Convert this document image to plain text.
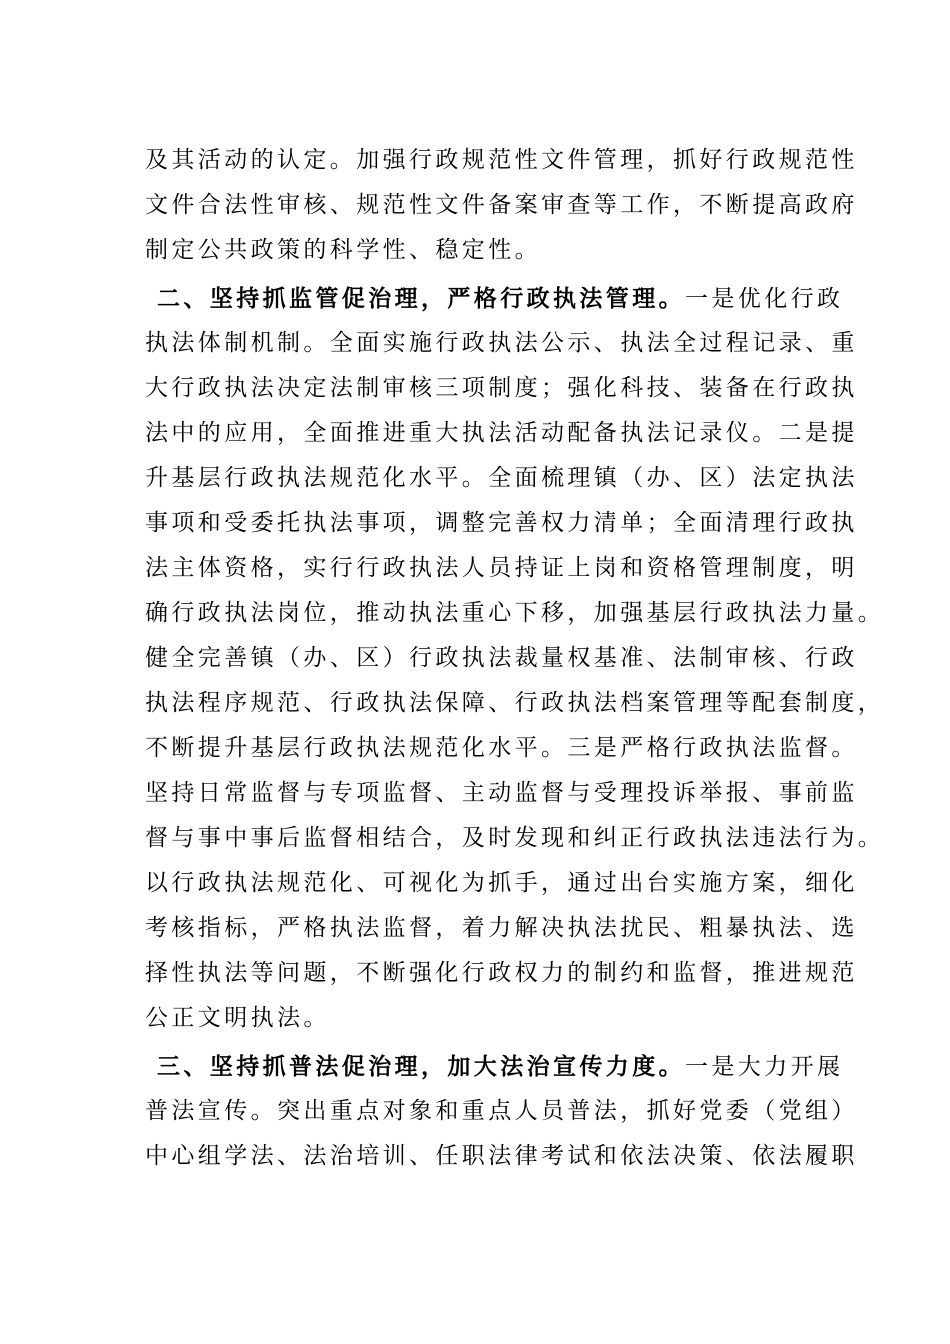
及其活动的认定。加强行政规范性文件管理，抓好行政规范性
文件合法性审核、规范性文件备案审查等工作，不断提高政府
制定公共政策的科学性、稳定性。
二、坚持抓监管促治理，严格行政执法管理。一是优化行政
执法体制机制。全面实施行政执法公示、执法全过程记录、重
大行政执法决定法制审核三项制度；强化科技、装备在行政执
法中的应用，全面推进重大执法活动配备执法记录仪。二是提
升基层行政执法规范化水平。全面梳理镇（办、区）法定执法
事项和受委托执法事项，调整完善权力清单；全面清理行政执
法主体资格，实行行政执法人员持证上岗和资格管理制度，明
确行政执法岗位，推动执法重心下移，加强基层行政执法力量。
健全完善镇（办、区）行政执法裁量权基准、法制审核、行政
执法程序规范、行政执法保障、行政执法档案管理等配套制度，
不断提升基层行政执法规范化水平。三是严格行政执法监督。
坚持日常监督与专项监督、主动监督与受理投诉举报、事前监
督与事中事后监督相结合，及时发现和纠正行政执法违法行为。
以行政执法规范化、可视化为抓手，通过出台实施方案，细化
考核指标，严格执法监督，着力解决执法扰民、粗暴执法、选
择性执法等问题，不断强化行政权力的制约和监督，推进规范
公正文明执法。
三、坚持抓普法促治理，加大法治宣传力度。一是大力开展
普法宣传。突出重点对象和重点人员普法，抓好党委（党组）
中心组学法、法治培训、任职法律考试和依法决策、依法履职
